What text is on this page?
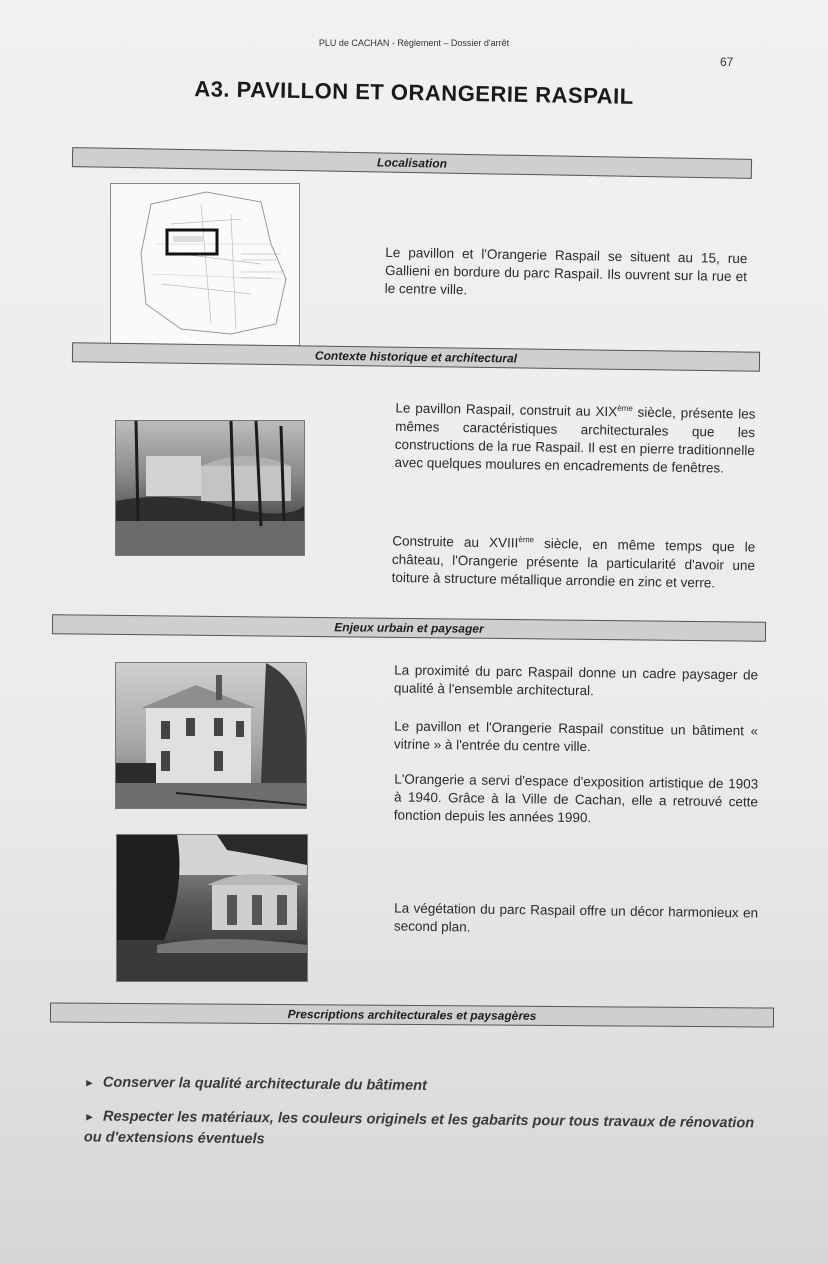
PLU de CACHAN - Règlement – Dossier d'arrêt
67
A3. PAVILLON ET ORANGERIE RASPAIL
Localisation
Le pavillon et l'Orangerie Raspail se situent au 15, rue Gallieni en bordure du parc Raspail. Ils ouvrent sur la rue et le centre ville.
Contexte historique et architectural
Le pavillon Raspail, construit au XIXème siècle, présente les mêmes caractéristiques architecturales que les constructions de la rue Raspail. Il est en pierre traditionnelle avec quelques moulures en encadrements de fenêtres.
Construite au XVIIIème siècle, en même temps que le château, l'Orangerie présente la particularité d'avoir une toiture à structure métallique arrondie en zinc et verre.
Enjeux urbain et paysager
La proximité du parc Raspail donne un cadre paysager de qualité à l'ensemble architectural.
Le pavillon et l'Orangerie Raspail constitue un bâtiment « vitrine » à l'entrée du centre ville.
L'Orangerie a servi d'espace d'exposition artistique de 1903 à 1940. Grâce à la Ville de Cachan, elle a retrouvé cette fonction depuis les années 1990.
La végétation du parc Raspail offre un décor harmonieux en second plan.
Prescriptions architecturales et paysagères
► Conserver la qualité architecturale du bâtiment
► Respecter les matériaux, les couleurs originels et les gabarits pour tous travaux de rénovation ou d'extensions éventuels
